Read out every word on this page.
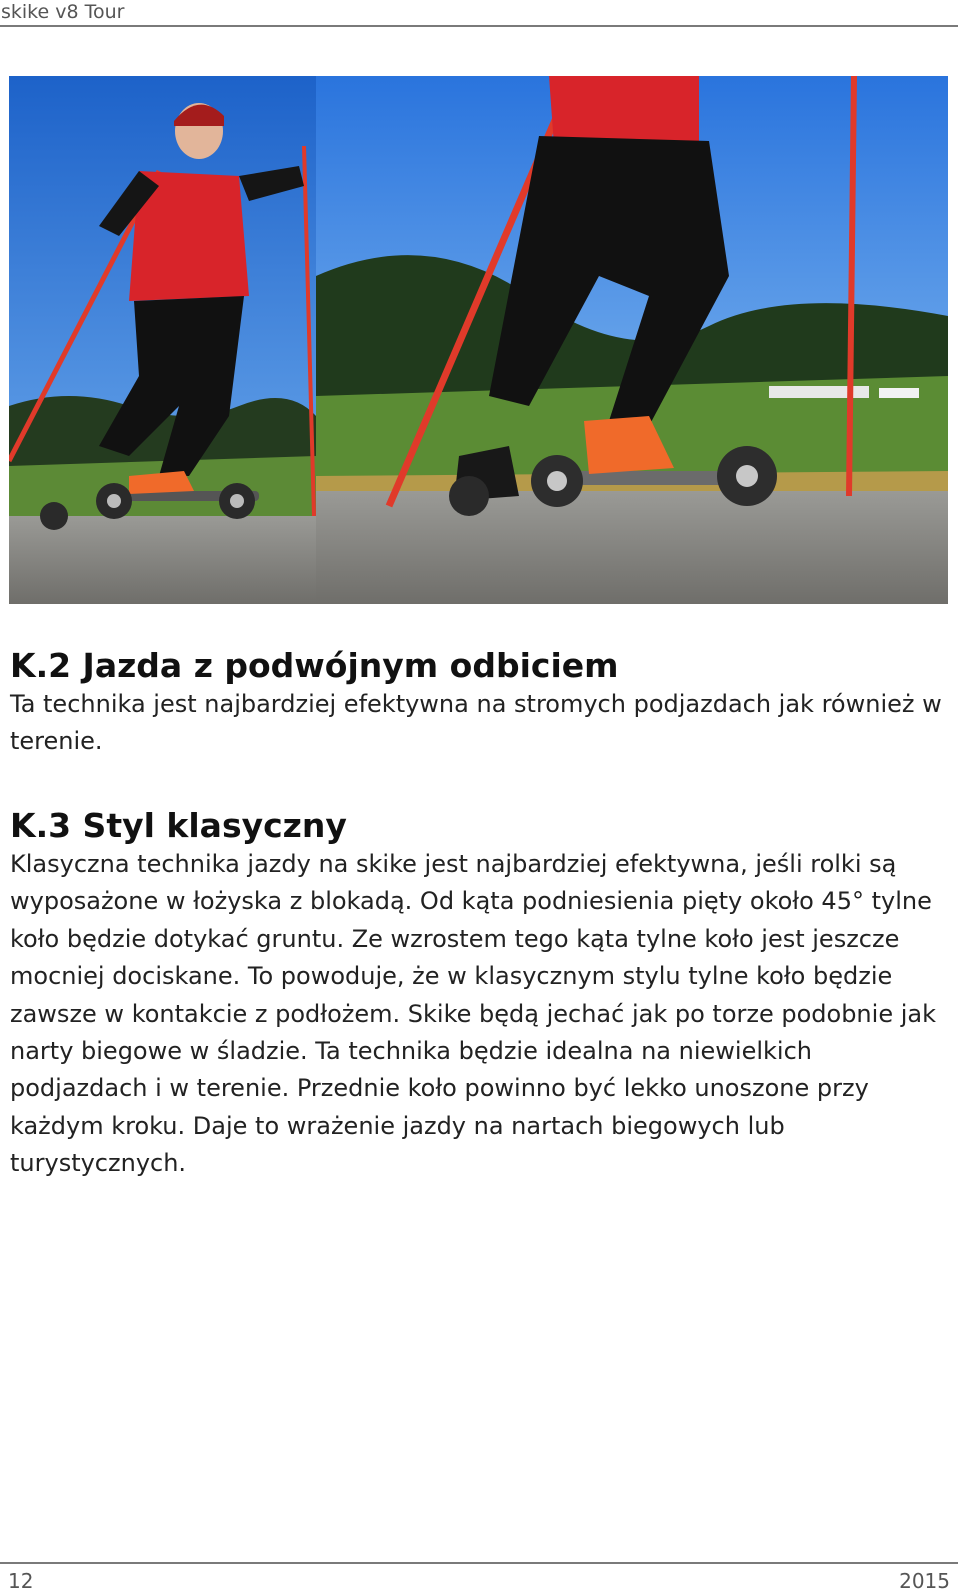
skike v8 Tour
K.2 Jazda z podwójnym odbiciem

Ta technika jest najbardziej efektywna na stromych podjazdach jak również w terenie.

K.3 Styl klasyczny

Klasyczna technika jazdy na skike jest najbardziej efektywna, jeśli rolki są wyposażone w łożyska z blokadą. Od kąta podniesienia pięty około 45° tylne koło będzie dotykać gruntu. Ze wzrostem tego kąta tylne koło jest jeszcze mocniej dociskane. To powoduje, że w klasycznym stylu tylne koło będzie zawsze w kontakcie z podłożem. Skike będą jechać jak po torze podobnie jak narty biegowe w śladzie. Ta technika będzie idealna na niewielkich podjazdach i w terenie. Przednie koło powinno być lekko unoszone przy każdym kroku. Daje to wrażenie jazdy na nartach biegowych lub turystycznych.

12	2015
